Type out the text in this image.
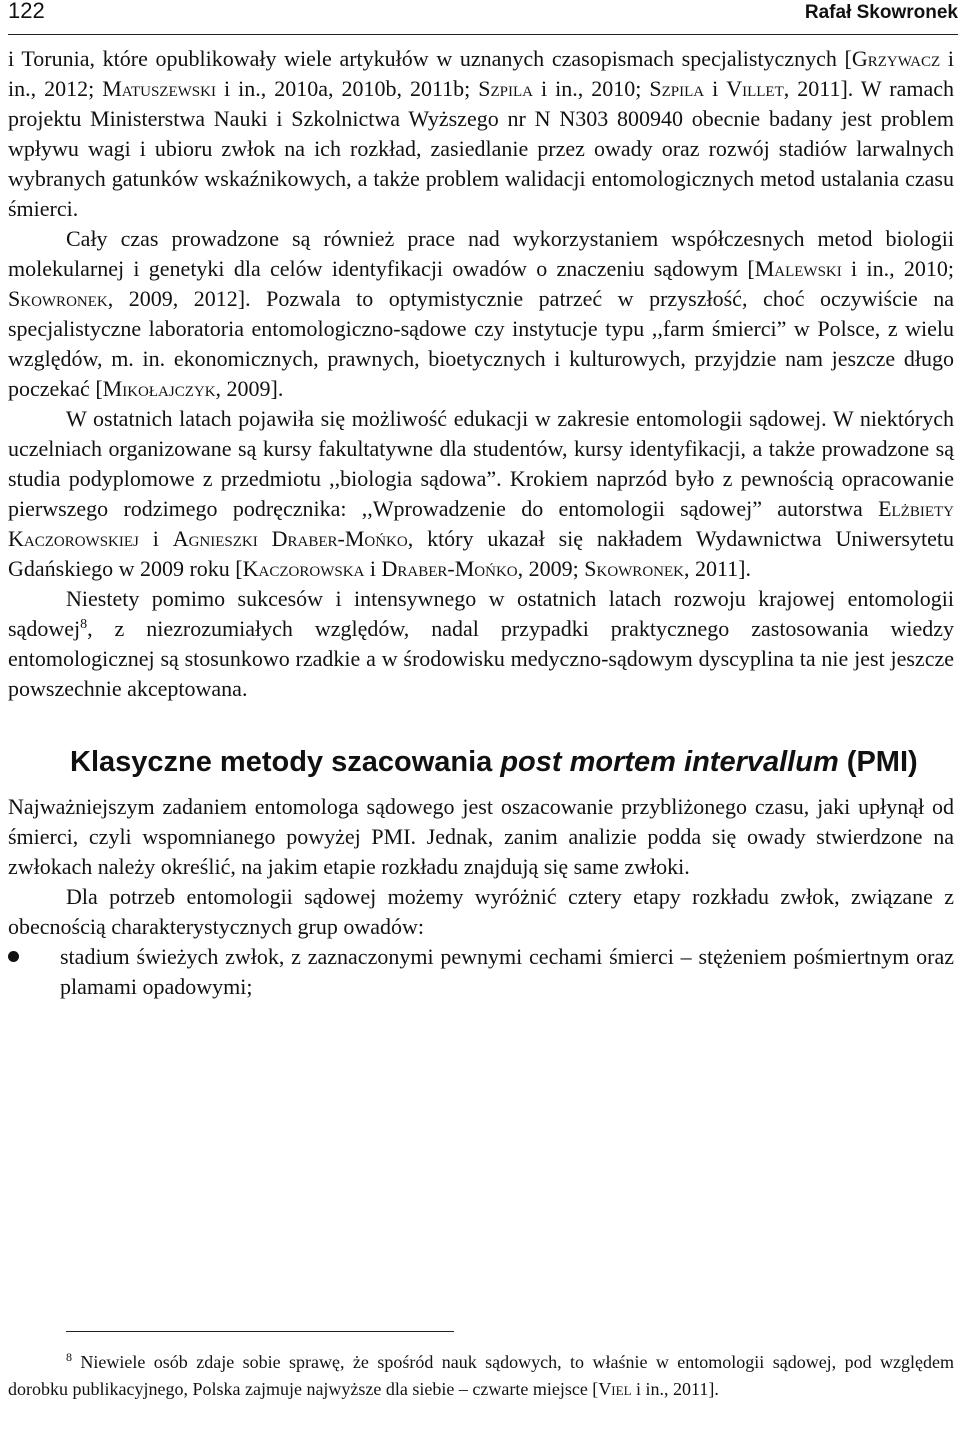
122	Rafał Skowronek

i Torunia, które opublikowały wiele artykułów w uznanych czasopismach specjalistycznych [Grzywacz i in., 2012; Matuszewski i in., 2010a, 2010b, 2011b; Szpila i in., 2010; Szpila i Villet, 2011]. W ramach projektu Ministerstwa Nauki i Szkolnictwa Wyższego nr N N303 800940 obecnie badany jest problem wpływu wagi i ubioru zwłok na ich rozkład, zasiedlanie przez owady oraz rozwój stadiów larwalnych wybranych gatunków wskaźnikowych, a także problem walidacji entomologicznych metod ustalania czasu śmierci.

Cały czas prowadzone są również prace nad wykorzystaniem współczesnych metod biologii molekularnej i genetyki dla celów identyfikacji owadów o znaczeniu sądowym [Malewski i in., 2010; Skowronek, 2009, 2012]. Pozwala to optymistycznie patrzeć w przyszłość, choć oczywiście na specjalistyczne laboratoria entomologiczno-sądowe czy instytucje typu ,,farm śmierci” w Polsce, z wielu względów, m. in. ekonomicznych, prawnych, bioetycznych i kulturowych, przyjdzie nam jeszcze długo poczekać [Mikołajczyk, 2009].

W ostatnich latach pojawiła się możliwość edukacji w zakresie entomologii sądowej. W niektórych uczelniach organizowane są kursy fakultatywne dla studentów, kursy identyfikacji, a także prowadzone są studia podyplomowe z przedmiotu ,,biologia sądowa”. Krokiem naprzód było z pewnością opracowanie pierwszego rodzimego podręcznika: ,,Wprowadzenie do entomologii sądowej” autorstwa Elżbiety Kaczorowskiej i Agnieszki Draber-Mońko, który ukazał się nakładem Wydawnictwa Uniwersytetu Gdańskiego w 2009 roku [Kaczorowska i Draber-Mońko, 2009; Skowronek, 2011].

Niestety pomimo sukcesów i intensywnego w ostatnich latach rozwoju krajowej entomologii sądowej$^8$, z niezrozumiałych względów, nadal przypadki praktycznego zastosowania wiedzy entomologicznej są stosunkowo rzadkie a w środowisku medyczno-sądowym dyscyplina ta nie jest jeszcze powszechnie akceptowana.

Klasyczne metody szacowania post mortem intervallum (PMI)

Najważniejszym zadaniem entomologa sądowego jest oszacowanie przybliżonego czasu, jaki upłynął od śmierci, czyli wspomnianego powyżej PMI. Jednak, zanim analizie podda się owady stwierdzone na zwłokach należy określić, na jakim etapie rozkładu znajdują się same zwłoki.

Dla potrzeb entomologii sądowej możemy wyróżnić cztery etapy rozkładu zwłok, związane z obecnością charakterystycznych grup owadów:

stadium świeżych zwłok, z zaznaczonymi pewnymi cechami śmierci – stężeniem pośmiertnym oraz plamami opadowymi;

$^8$ Niewiele osób zdaje sobie sprawę, że spośród nauk sądowych, to właśnie w entomologii sądowej, pod względem dorobku publikacyjnego, Polska zajmuje najwyższe dla siebie – czwarte miejsce [Viel i in., 2011].
